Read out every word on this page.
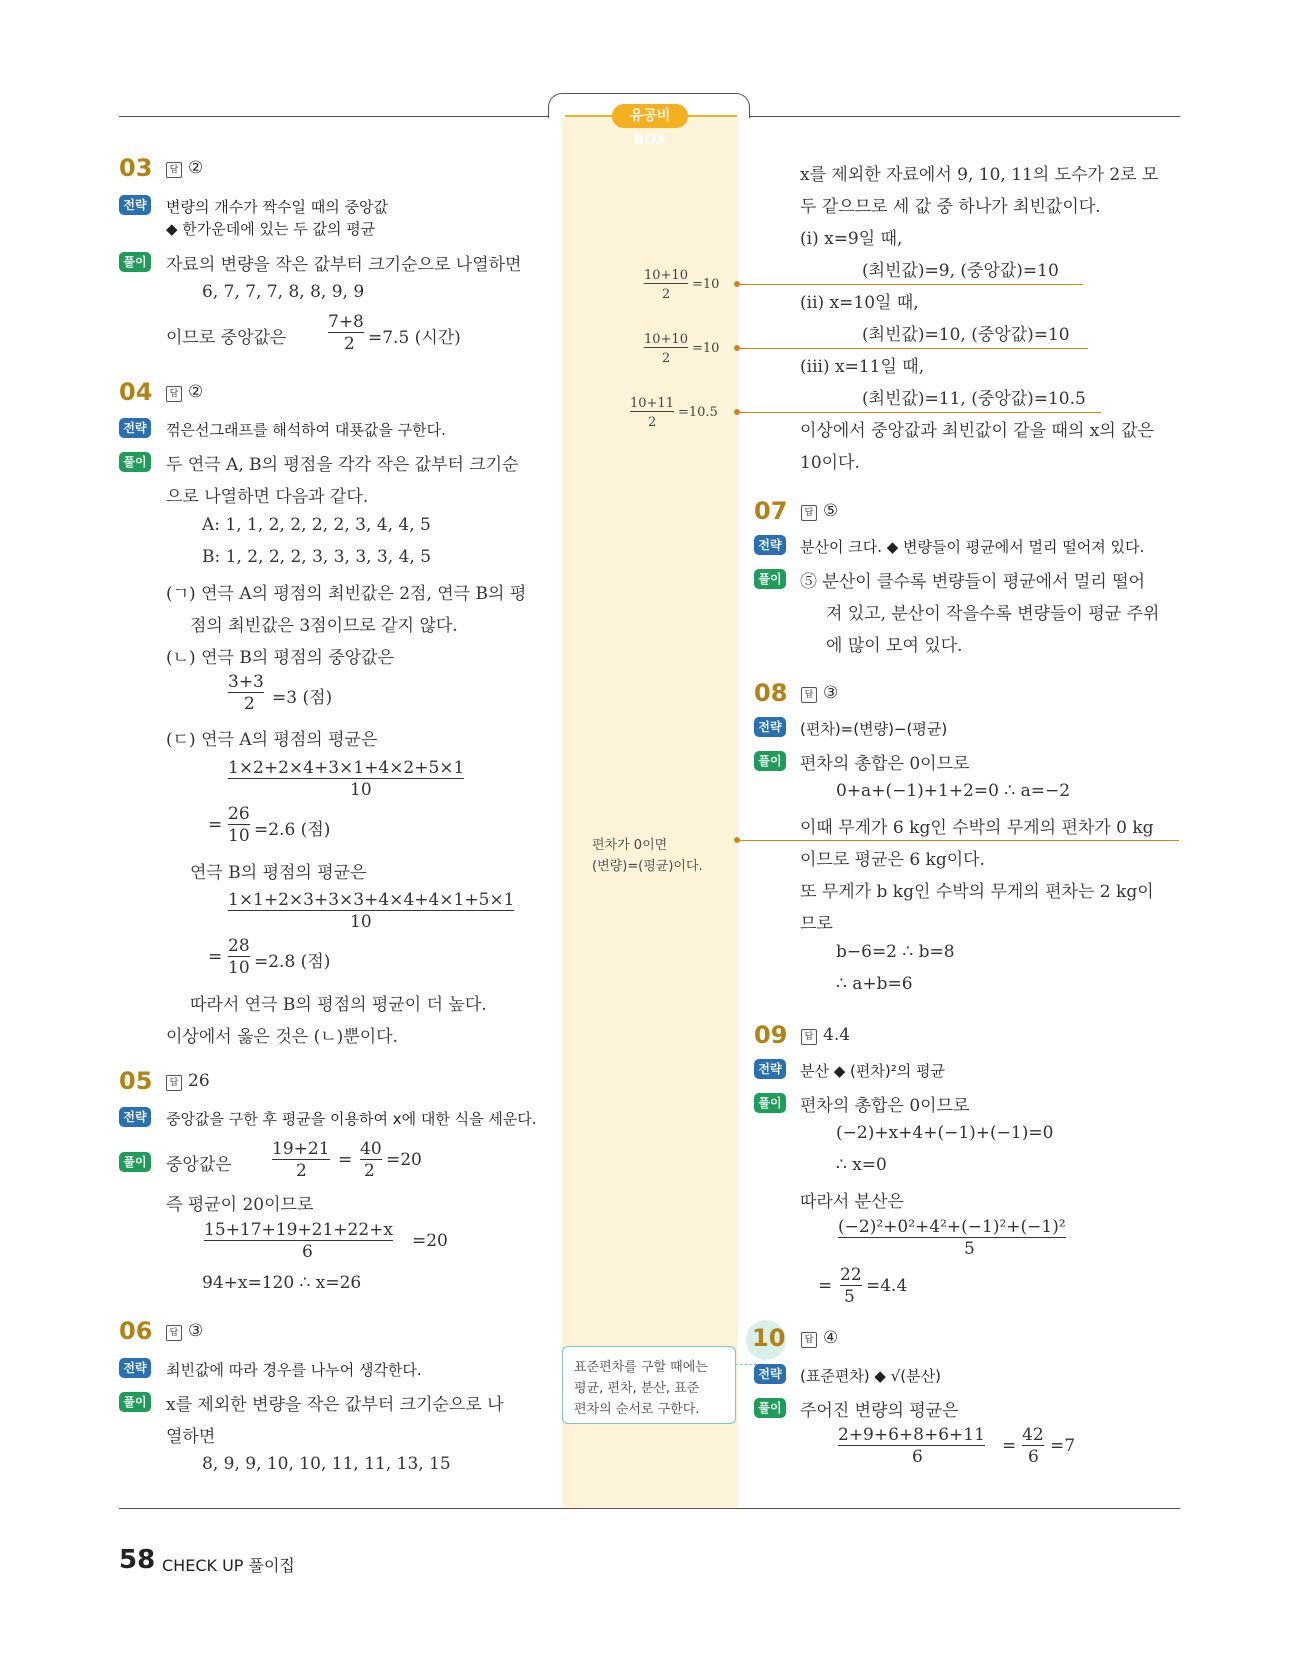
유공비 BOX
03	답 ②
전략 변량의 개수가 짝수일 때의 중앙값
◆ 한가운데에 있는 두 값의 평균
풀이 자료의 변량을 작은 값부터 크기순으로 나열하면
6, 7, 7, 7, 8, 8, 9, 9
이므로 중앙값은
7+8
2 =7.5 (시간)
04	답 ②
전략 꺾은선그래프를 해석하여 대푯값을 구한다.
풀이 두 연극 A, B의 평점을 각각 작은 값부터 크기순
으로 나열하면 다음과 같다.
A: 1, 1, 2, 2, 2, 2, 3, 4, 4, 5
B: 1, 2, 2, 2, 3, 3, 3, 3, 4, 5
(ㄱ) 연극 A의 평점의 최빈값은 2점, 연극 B의 평
점의 최빈값은 3점이므로 같지 않다.
(ㄴ) 연극 B의 평점의 중앙값은
3+3
2 =3 (점)
(ㄷ) 연극 A의 평점의 평균은
1×2+2×4+3×1+4×2+5×1
10
=
26
10 =2.6 (점)
연극 B의 평점의 평균은
1×1+2×3+3×3+4×4+4×1+5×1
10
=
28
10 =2.8 (점)
따라서 연극 B의 평점의 평균이 더 높다.
이상에서 옳은 것은 (ㄴ)뿐이다.
05	답 26
전략 중앙값을 구한 후 평균을 이용하여 x에 대한 식을 세운다.
풀이 중앙값은
19+21
2
=
40
2
=20
즉 평균이 20이므로
15+17+19+21+22+x
6
=20
94+x=120 ∴ x=26
06	답 ③
전략 최빈값에 따라 경우를 나누어 생각한다.
풀이 x를 제외한 변량을 작은 값부터 크기순으로 나
열하면
8, 9, 9, 10, 10, 11, 11, 13, 15
x를 제외한 자료에서 9, 10, 11의 도수가 2로 모
두 같으므로 세 값 중 하나가 최빈값이다.
(i) x=9일 때,
(최빈값)=9, (중앙값)=10
(ii) x=10일 때,
(최빈값)=10, (중앙값)=10
(iii) x=11일 때,
(최빈값)=11, (중앙값)=10.5
이상에서 중앙값과 최빈값이 같을 때의 x의 값은
10이다.
10+10
2
=10
10+10
2
=10
10+11
2
=10.5
편차가 0이면
(변량)=(평균)이다.
표준편차를 구할 때에는
평균, 편차, 분산, 표준
편차의 순서로 구한다.
07	답 ⑤
전략 분산이 크다. ◆ 변량들이 평균에서 멀리 떨어져 있다.
풀이 ⑤ 분산이 클수록 변량들이 평균에서 멀리 떨어
져 있고, 분산이 작을수록 변량들이 평균 주위
에 많이 모여 있다.
08	답 ③
전략 (편차)=(변량)−(평균)
풀이 편차의 총합은 0이므로
0+a+(−1)+1+2=0 ∴ a=−2
이때 무게가 6 kg인 수박의 무게의 편차가 0 kg
이므로 평균은 6 kg이다.
또 무게가 b kg인 수박의 무게의 편차는 2 kg이
므로
b−6=2 ∴ b=8
∴ a+b=6
09	답 4.4
전략 분산 ◆ (편차)²의 평균
풀이 편차의 총합은 0이므로
(−2)+x+4+(−1)+(−1)=0
∴ x=0
따라서 분산은
(−2)²+0²+4²+(−1)²+(−1)²
5
=
22
5
=4.4
10	답 ④
전략 (표준편차) ◆ √(분산)
풀이 주어진 변량의 평균은
2+9+6+8+6+11
6
=
42
6
=7
58 CHECK UP 풀이집
